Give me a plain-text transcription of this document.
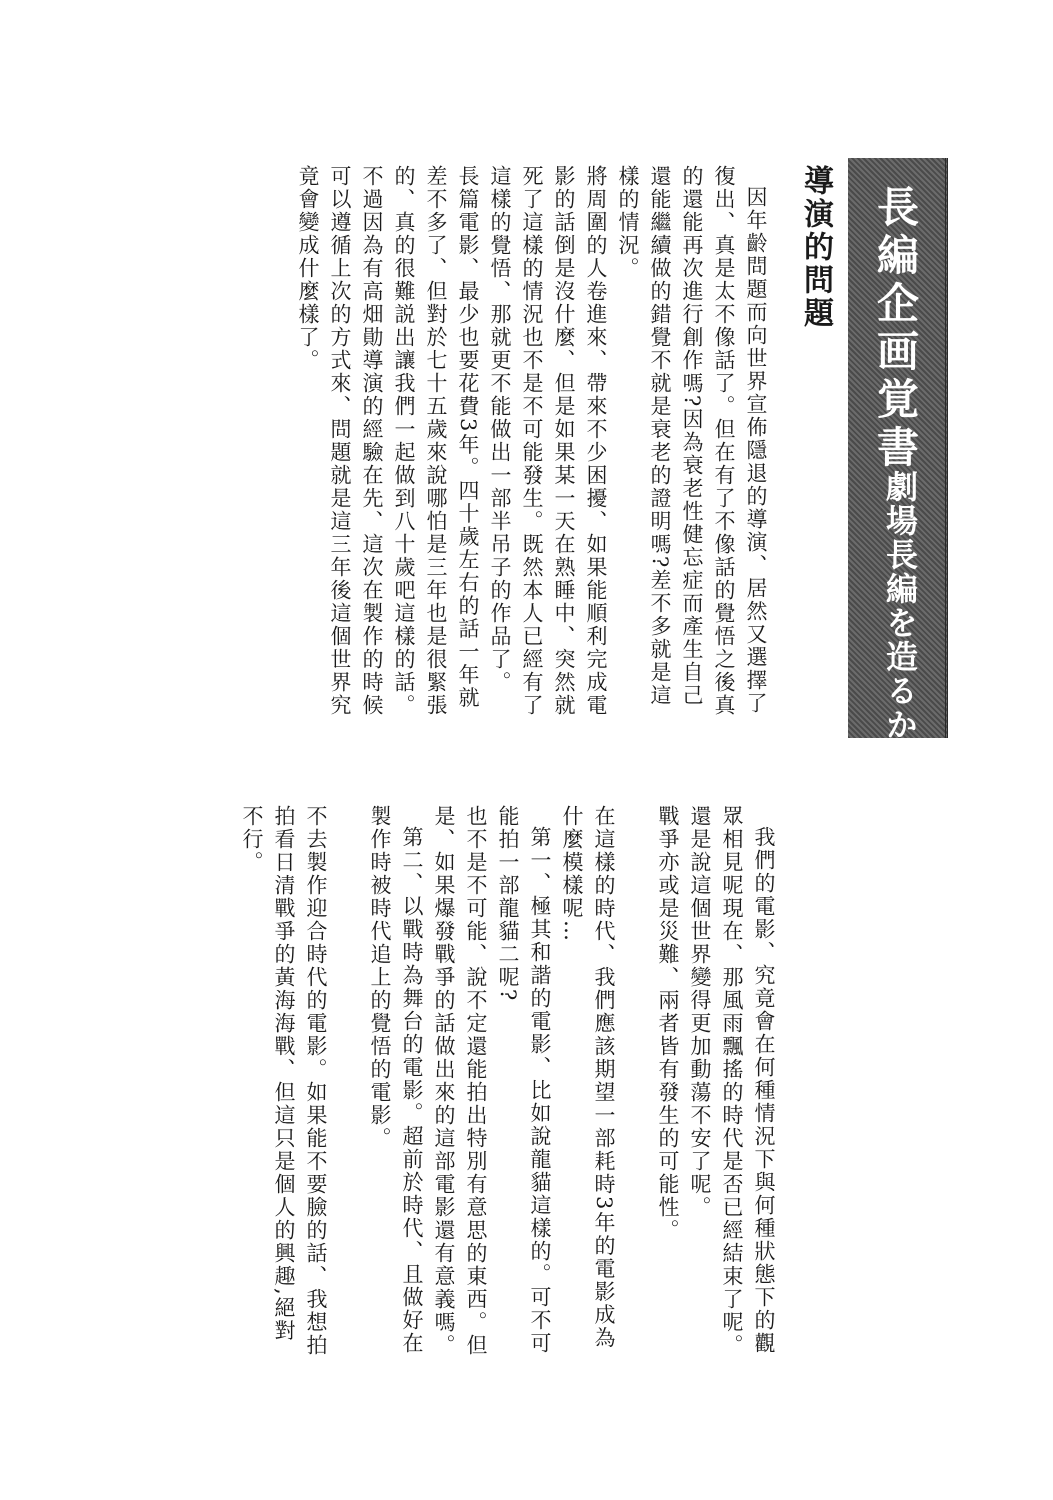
長編企画覚書
劇場長編を造るか?
導演的問題

因年齡問題而向世界宣佈隱退的導演、居然又選擇了復出、真是太不像話了。但在有了不像話的覺悟之後真的還能再次進行創作嗎?因為衰老性健忘症而產生自己還能繼續做的錯覺不就是衰老的證明嗎?差不多就是這樣的情況。

將周圍的人卷進來、帶來不少困擾、如果能順利完成電影的話倒是沒什麼、但是如果某一天在熟睡中、突然就死了這樣的情況也不是不可能發生。既然本人已經有了這樣的覺悟、那就更不能做出一部半吊子的作品了。

長篇電影、最少也要花費3年。四十歲左右的話一年就差不多了、但對於七十五歲來說哪怕是三年也是很緊張的、真的很難説出讓我們一起做到八十歲吧這樣的話。不過因為有高畑勛導演的經驗在先、這次在製作的時候可以遵循上次的方式來、問題就是這三年後這個世界究竟會變成什麼樣了。

我們的電影、究竟會在何種情況下與何種狀態下的觀眾相見呢現在、那風雨飄搖的時代是否已經結束了呢。還是說這個世界變得更加動蕩不安了呢。

戰爭亦或是災難、兩者皆有發生的可能性。

在這樣的時代、我們應該期望一部耗時3年的電影成為什麼模樣呢…

第一、極其和諧的電影、比如說龍貓這樣的。可不可能拍一部龍貓二呢?

也不是不可能、說不定還能拍出特別有意思的東西。但是、如果爆發戰爭的話做出來的這部電影還有意義嗎。

第二、以戰時為舞台的電影。超前於時代、且做好在製作時被時代追上的覺悟的電影。

不去製作迎合時代的電影。如果能不要臉的話、我想拍拍看日清戰爭的黃海海戰、但這只是個人的興趣,絕對不行。
